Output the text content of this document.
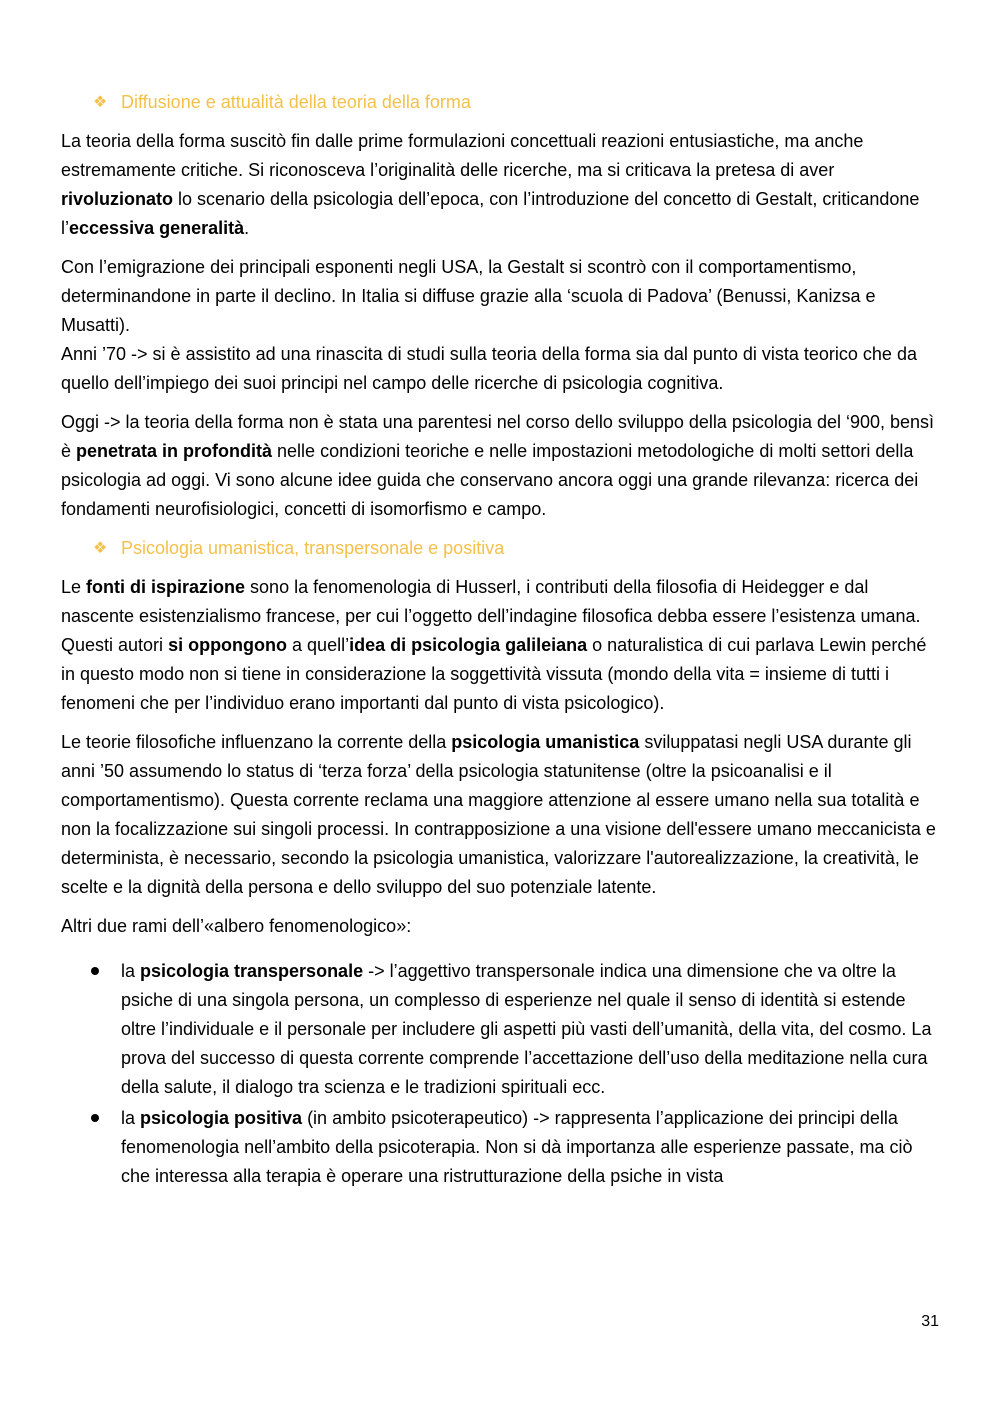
❖ Diffusione e attualità della teoria della forma

La teoria della forma suscitò fin dalle prime formulazioni concettuali reazioni entusiastiche, ma anche estremamente critiche. Si riconosceva l’originalità delle ricerche, ma si criticava la pretesa di aver rivoluzionato lo scenario della psicologia dell’epoca, con l’introduzione del concetto di Gestalt, criticandone l’eccessiva generalità.

Con l’emigrazione dei principali esponenti negli USA, la Gestalt si scontrò con il comportamentismo, determinandone in parte il declino. In Italia si diffuse grazie alla ‘scuola di Padova’ (Benussi, Kanizsa e Musatti).

Anni ’70 -> si è assistito ad una rinascita di studi sulla teoria della forma sia dal punto di vista teorico che da quello dell’impiego dei suoi principi nel campo delle ricerche di psicologia cognitiva.

Oggi -> la teoria della forma non è stata una parentesi nel corso dello sviluppo della psicologia del ‘900, bensì è penetrata in profondità nelle condizioni teoriche e nelle impostazioni metodologiche di molti settori della psicologia ad oggi. Vi sono alcune idee guida che conservano ancora oggi una grande rilevanza: ricerca dei fondamenti neurofisiologici, concetti di isomorfismo e campo.

❖ Psicologia umanistica, transpersonale e positiva

Le fonti di ispirazione sono la fenomenologia di Husserl, i contributi della filosofia di Heidegger e dal nascente esistenzialismo francese, per cui l’oggetto dell’indagine filosofica debba essere l’esistenza umana. Questi autori si oppongono a quell’idea di psicologia galileiana o naturalistica di cui parlava Lewin perché in questo modo non si tiene in considerazione la soggettività vissuta (mondo della vita = insieme di tutti i fenomeni che per l’individuo erano importanti dal punto di vista psicologico).

Le teorie filosofiche influenzano la corrente della psicologia umanistica sviluppatasi negli USA durante gli anni ’50 assumendo lo status di ‘terza forza’ della psicologia statunitense (oltre la psicoanalisi e il comportamentismo). Questa corrente reclama una maggiore attenzione al essere umano nella sua totalità e non la focalizzazione sui singoli processi. In contrapposizione a una visione dell'essere umano meccanicista e determinista, è necessario, secondo la psicologia umanistica, valorizzare l'autorealizzazione, la creatività, le scelte e la dignità della persona e dello sviluppo del suo potenziale latente.

Altri due rami dell’«albero fenomenologico»:

la psicologia transpersonale -> l’aggettivo transpersonale indica una dimensione che va oltre la psiche di una singola persona, un complesso di esperienze nel quale il senso di identità si estende oltre l’individuale e il personale per includere gli aspetti più vasti dell’umanità, della vita, del cosmo. La prova del successo di questa corrente comprende l’accettazione dell’uso della meditazione nella cura della salute, il dialogo tra scienza e le tradizioni spirituali ecc.
la psicologia positiva (in ambito psicoterapeutico) -> rappresenta l’applicazione dei principi della fenomenologia nell’ambito della psicoterapia. Non si dà importanza alle esperienze passate, ma ciò che interessa alla terapia è operare una ristrutturazione della psiche in vista
31
